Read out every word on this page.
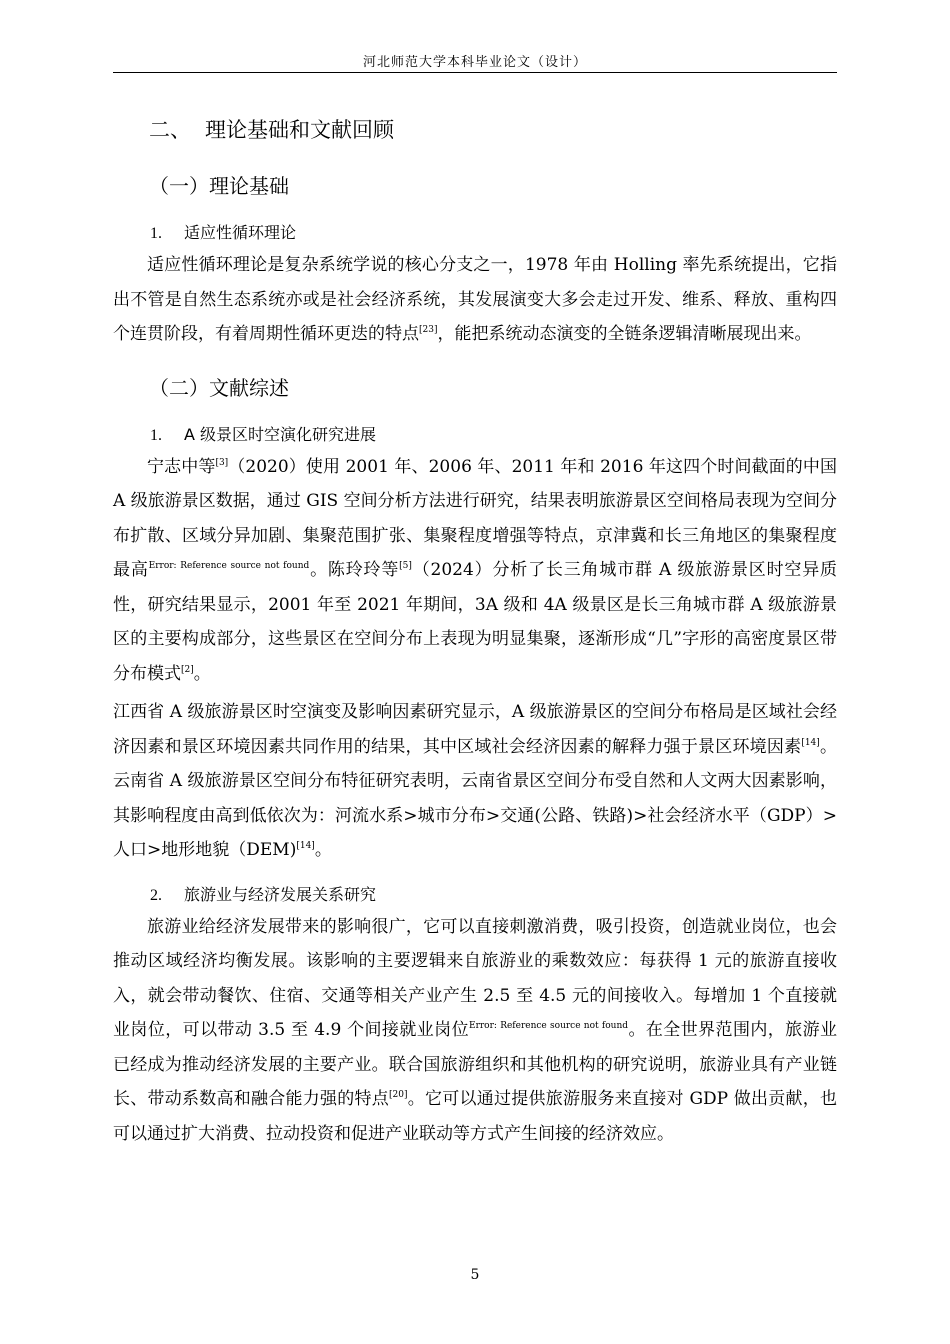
河北师范大学本科毕业论文（设计）
二、 理论基础和文献回顾
（一）理论基础
1. 适应性循环理论

适应性循环理论是复杂系统学说的核心分支之一，1978 年由 Holling 率先系统提出，它指出不管是自然生态系统亦或是社会经济系统，其发展演变大多会走过开发、维系、释放、重构四个连贯阶段，有着周期性循环更迭的特点[23]，能把系统动态演变的全链条逻辑清晰展现出来。

（二）文献综述
1. A 级景区时空演化研究进展

宁志中等[3]（2020）使用 2001 年、2006 年、2011 年和 2016 年这四个时间截面的中国 A 级旅游景区数据，通过 GIS 空间分析方法进行研究，结果表明旅游景区空间格局表现为空间分布扩散、区域分异加剧、集聚范围扩张、集聚程度增强等特点，京津冀和长三角地区的集聚程度最高$^{Error: Reference source not found}$。陈玲玲等[5]（2024）分析了长三角城市群 A 级旅游景区时空异质性，研究结果显示，2001 年至 2021 年期间，3A 级和 4A 级景区是长三角城市群 A 级旅游景区的主要构成部分，这些景区在空间分布上表现为明显集聚，逐渐形成“几”字形的高密度景区带分布模式[2]。

江西省 A 级旅游景区时空演变及影响因素研究显示，A 级旅游景区的空间分布格局是区域社会经济因素和景区环境因素共同作用的结果，其中区域社会经济因素的解释力强于景区环境因素[14]。云南省 A 级旅游景区空间分布特征研究表明，云南省景区空间分布受自然和人文两大因素影响，其影响程度由高到低依次为：河流水系>城市分布>交通(公路、铁路)>社会经济水平（GDP）>人口>地形地貌（DEM)[14]。

2. 旅游业与经济发展关系研究

旅游业给经济发展带来的影响很广，它可以直接刺激消费，吸引投资，创造就业岗位，也会推动区域经济均衡发展。该影响的主要逻辑来自旅游业的乘数效应：每获得 1 元的旅游直接收入，就会带动餐饮、住宿、交通等相关产业产生 2.5 至 4.5 元的间接收入。每增加 1 个直接就业岗位，可以带动 3.5 至 4.9 个间接就业岗位$^{Error: Reference source not found}$。在全世界范围内，旅游业已经成为推动经济发展的主要产业。联合国旅游组织和其他机构的研究说明，旅游业具有产业链长、带动系数高和融合能力强的特点[20]。它可以通过提供旅游服务来直接对 GDP 做出贡献，也可以通过扩大消费、拉动投资和促进产业联动等方式产生间接的经济效应。

5
